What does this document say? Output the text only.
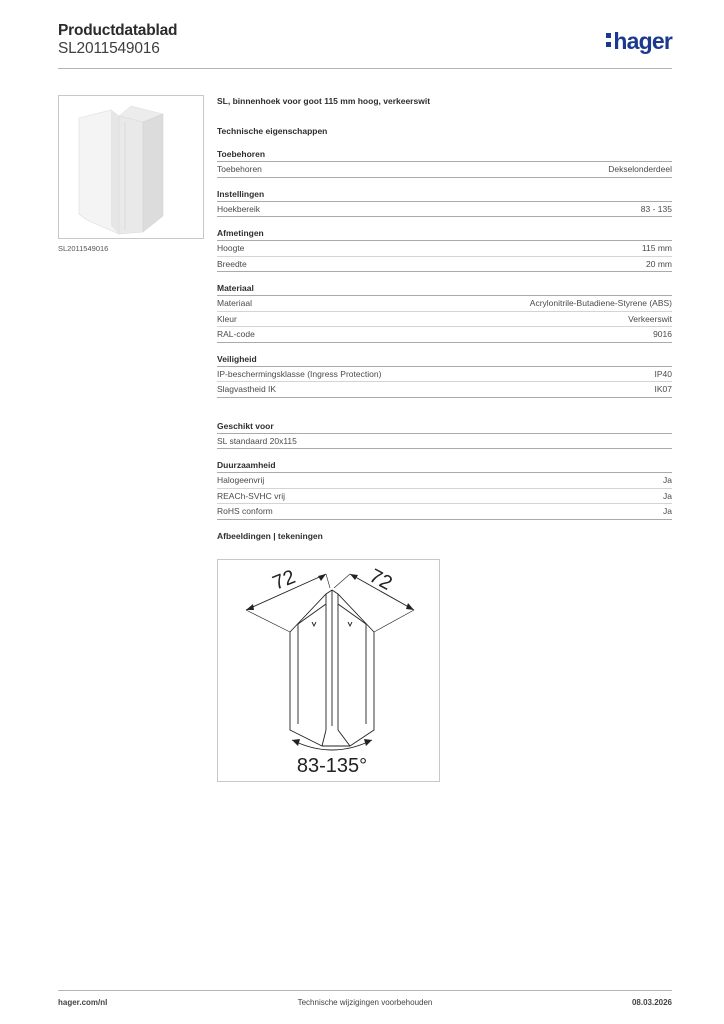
Productdatablad
SL2011549016	hager
SL2011549016
SL, binnenhoek voor goot 115 mm hoog, verkeerswit
Technische eigenschappen
Toebehoren
Toebehoren	Dekselonderdeel
Instellingen
Hoekbereik	83 - 135
Afmetingen
Hoogte	115 mm
Breedte	20 mm
Materiaal
Materiaal	Acrylonitrile-Butadiene-Styrene (ABS)
Kleur	Verkeerswit
RAL-code	9016
Veiligheid
IP-beschermingsklasse (Ingress Protection)	IP40
Slagvastheid IK	IK07
Geschikt voor
SL standaard 20x115
Duurzaamheid
Halogeenvrij	Ja
REACh-SVHC vrij	Ja
RoHS conform	Ja
Afbeeldingen | tekeningen
72	72
83-135°
hager.com/nl	Technische wijzigingen voorbehouden	08.03.2026
